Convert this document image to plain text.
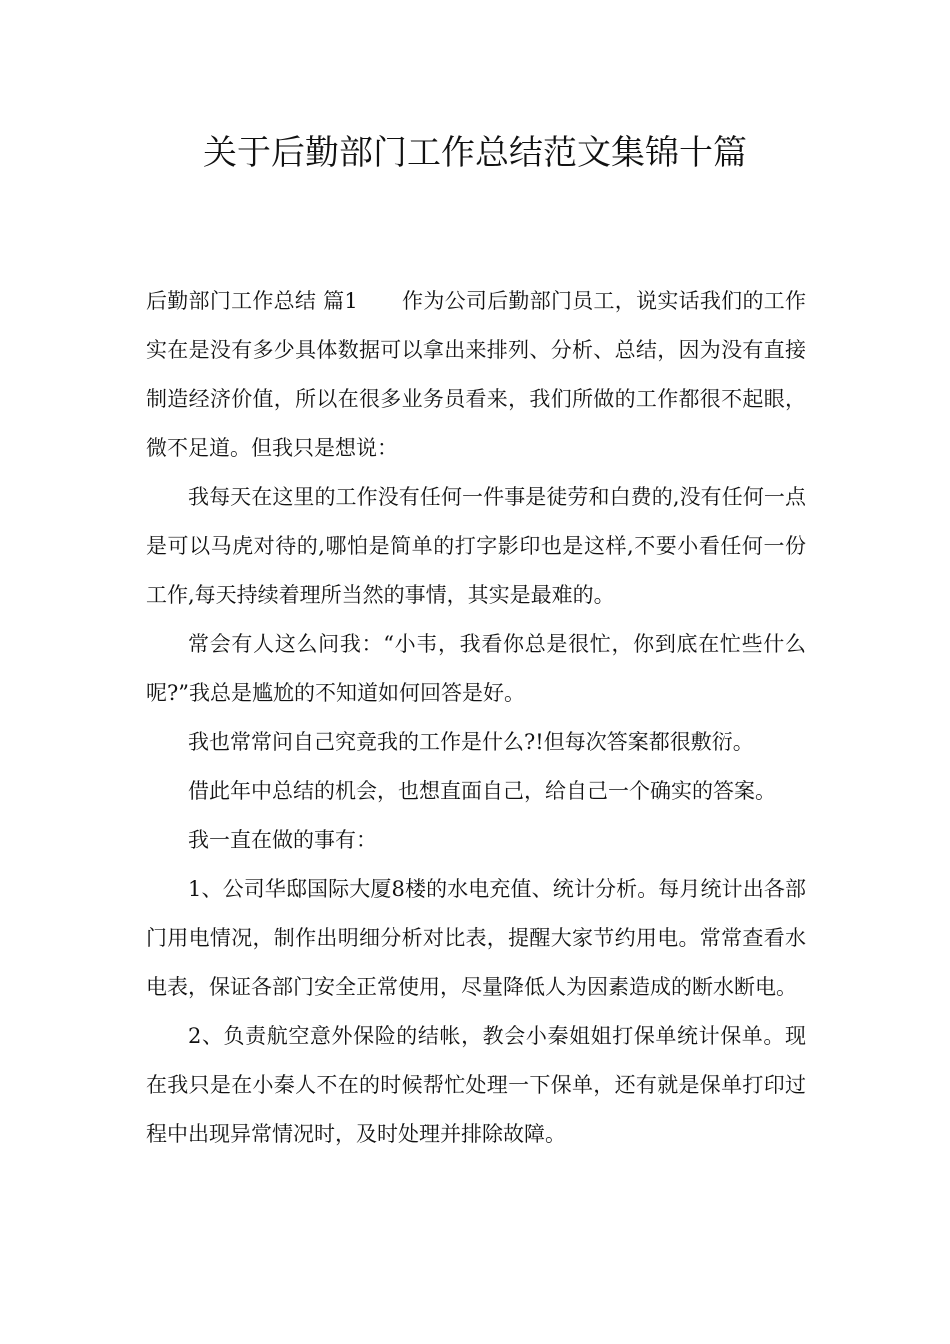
关于后勤部门工作总结范文集锦十篇

后勤部门工作总结 篇1 作为公司后勤部门员工，说实话我们的工作实在是没有多少具体数据可以拿出来排列、分析、总结，因为没有直接制造经济价值，所以在很多业务员看来，我们所做的工作都很不起眼，微不足道。但我只是想说：

我每天在这里的工作没有任何一件事是徒劳和白费的,没有任何一点是可以马虎对待的,哪怕是简单的打字影印也是这样,不要小看任何一份工作,每天持续着理所当然的事情，其实是最难的。

常会有人这么问我：“小韦，我看你总是很忙，你到底在忙些什么呢?”我总是尴尬的不知道如何回答是好。

我也常常问自己究竟我的工作是什么?!但每次答案都很敷衍。

借此年中总结的机会，也想直面自己，给自己一个确实的答案。

我一直在做的事有：

1、公司华邸国际大厦8楼的水电充值、统计分析。每月统计出各部门用电情况，制作出明细分析对比表，提醒大家节约用电。常常查看水电表，保证各部门安全正常使用，尽量降低人为因素造成的断水断电。

2、负责航空意外保险的结帐，教会小秦姐姐打保单统计保单。现在我只是在小秦人不在的时候帮忙处理一下保单，还有就是保单打印过程中出现异常情况时，及时处理并排除故障。
